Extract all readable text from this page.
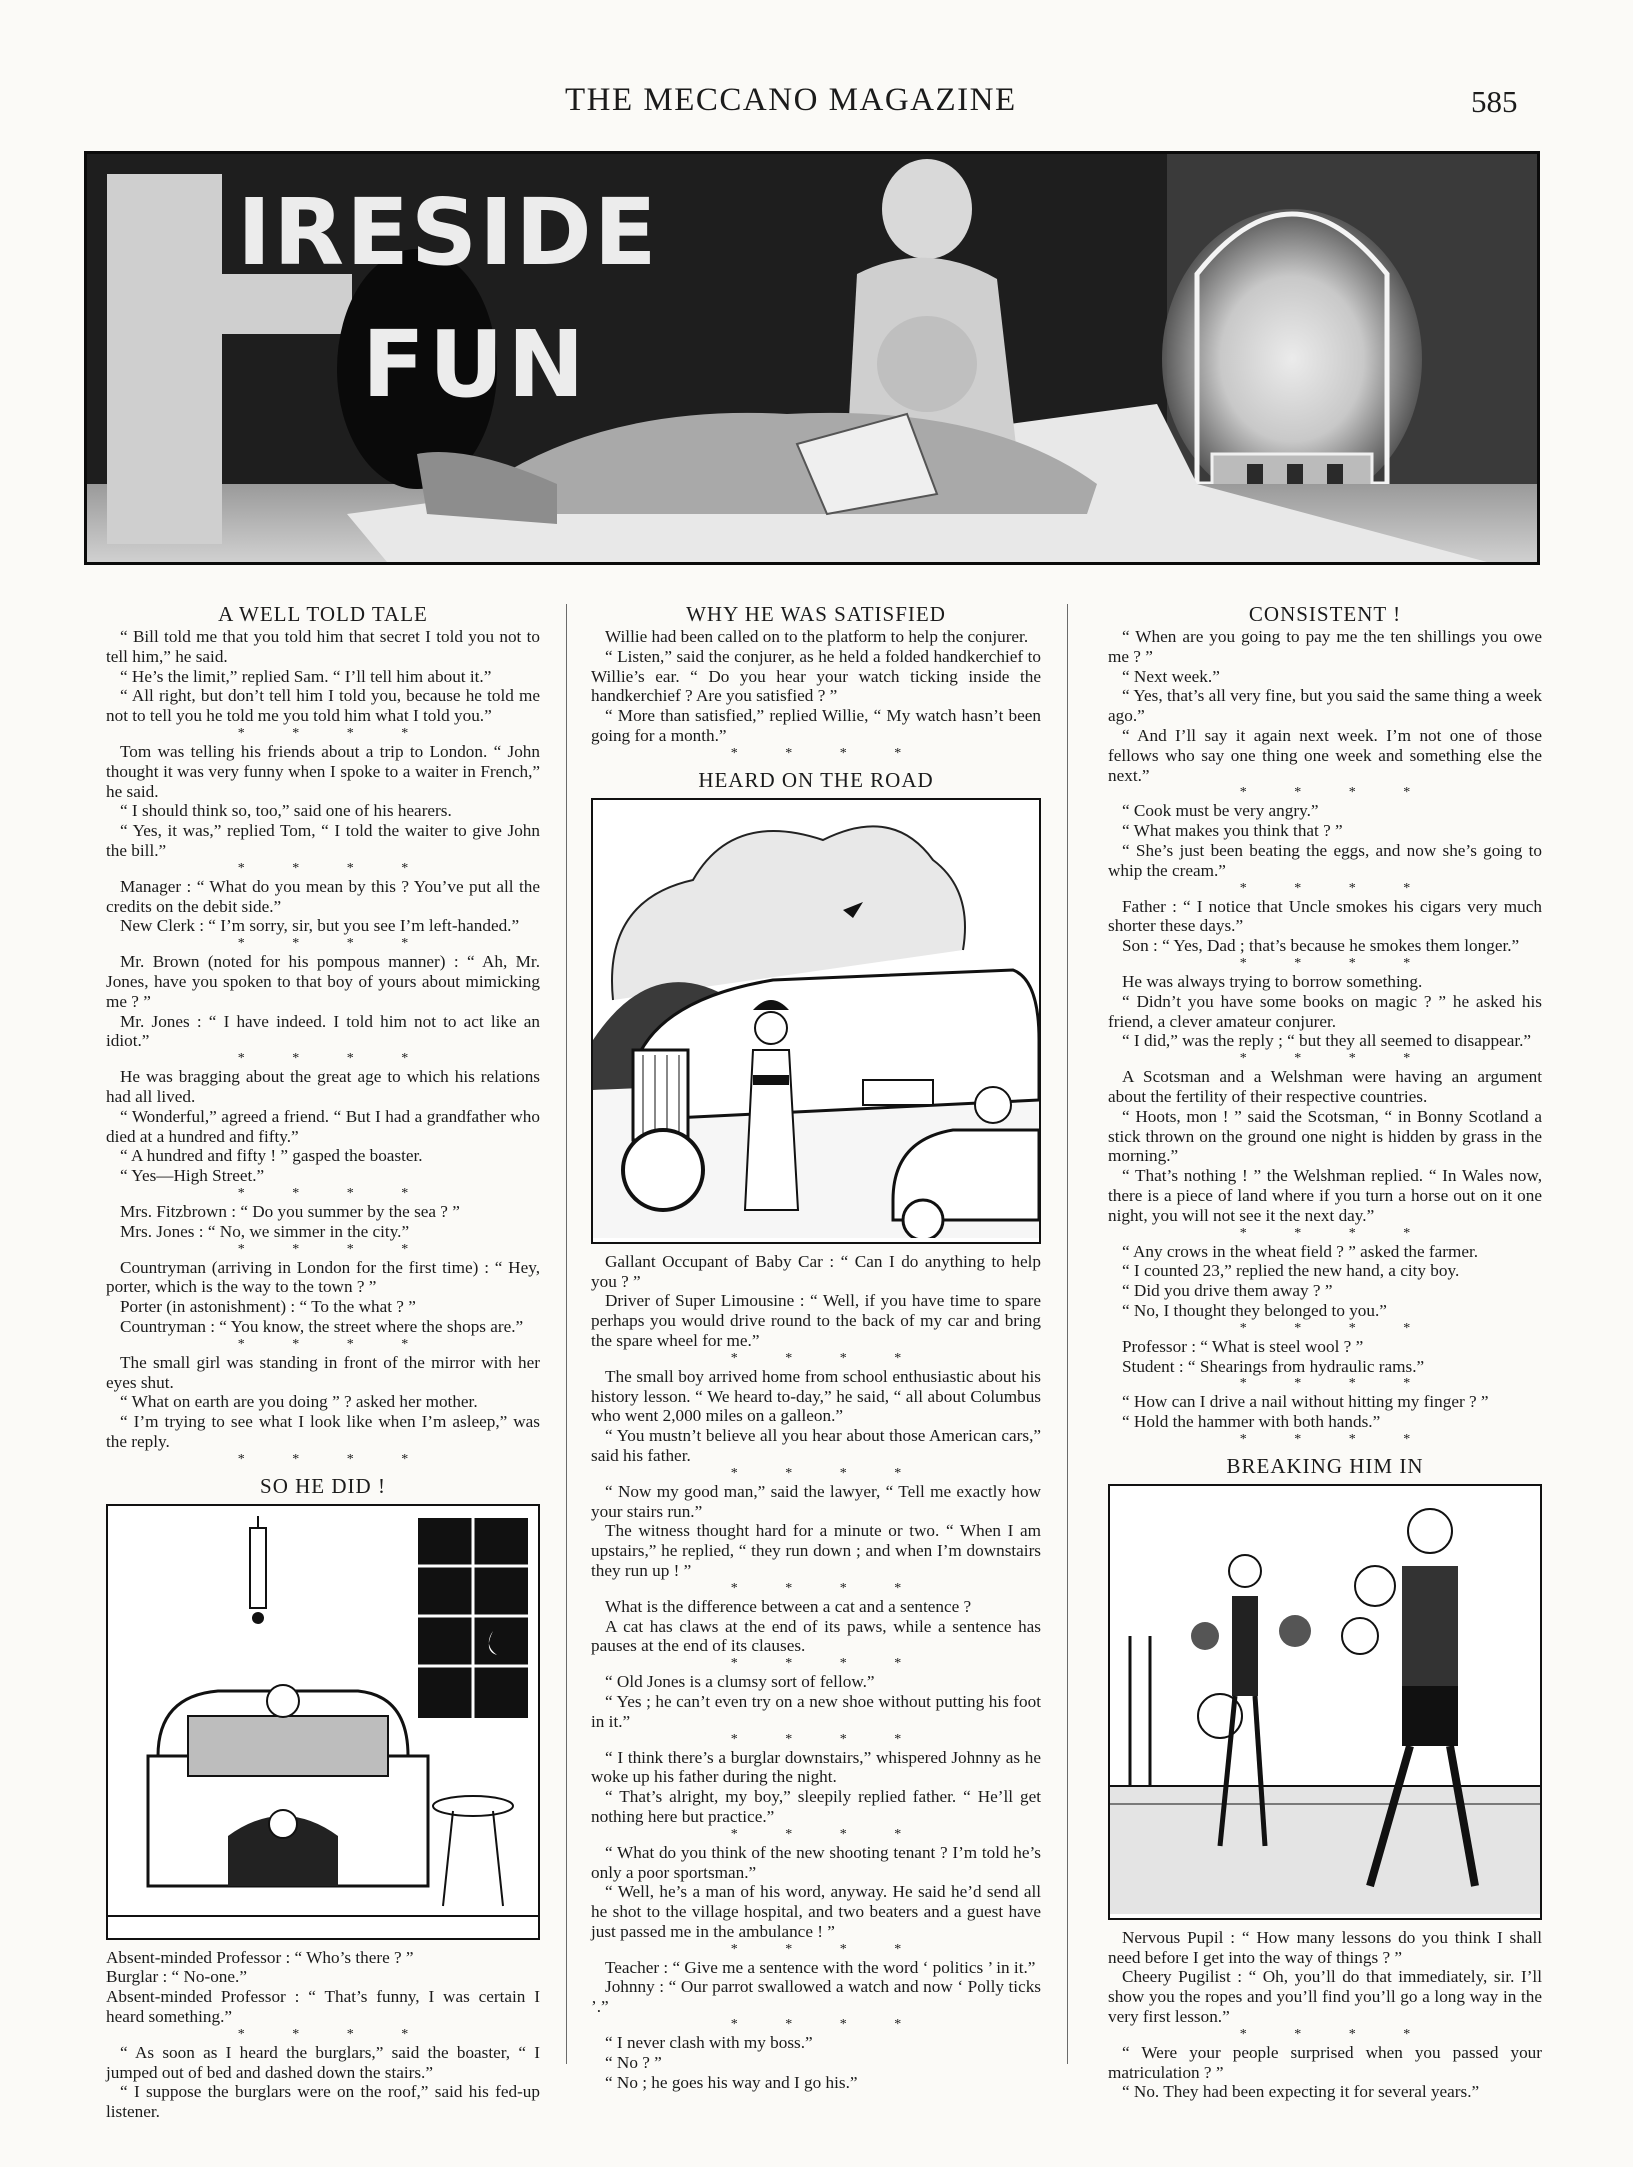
THE MECCANO MAGAZINE	585
IRESIDE
FUN
A WELL TOLD TALE

“ Bill told me that you told him that secret I told you not to tell him,” he said.

“ He’s the limit,” replied Sam. “ I’ll tell him about it.”

“ All right, but don’t tell him I told you, because he told me not to tell you he told me you told him what I told you.”

* * * *

Tom was telling his friends about a trip to London. “ John thought it was very funny when I spoke to a waiter in French,” he said.

“ I should think so, too,” said one of his hearers.

“ Yes, it was,” replied Tom, “ I told the waiter to give John the bill.”

* * * *

Manager : “ What do you mean by this ? You’ve put all the credits on the debit side.”

New Clerk : “ I’m sorry, sir, but you see I’m left-handed.”

* * * *

Mr. Brown (noted for his pompous manner) : “ Ah, Mr. Jones, have you spoken to that boy of yours about mimicking me ? ”

Mr. Jones : “ I have indeed. I told him not to act like an idiot.”

* * * *

He was bragging about the great age to which his relations had all lived.

“ Wonderful,” agreed a friend. “ But I had a grandfather who died at a hundred and fifty.”

“ A hundred and fifty ! ” gasped the boaster.

“ Yes—High Street.”

* * * *

Mrs. Fitzbrown : “ Do you summer by the sea ? ”

Mrs. Jones : “ No, we simmer in the city.”

* * * *

Countryman (arriving in London for the first time) : “ Hey, porter, which is the way to the town ? ”

Porter (in astonishment) : “ To the what ? ”

Countryman : “ You know, the street where the shops are.”

* * * *

The small girl was standing in front of the mirror with her eyes shut.

“ What on earth are you doing ” ? asked her mother.

“ I’m trying to see what I look like when I’m asleep,” was the reply.

* * * *
SO HE DID !

Absent-minded Professor : “ Who’s there ? ”

Burglar : “ No-one.”

Absent-minded Professor : “ That’s funny, I was certain I heard something.”

* * * *

“ As soon as I heard the burglars,” said the boaster, “ I jumped out of bed and dashed down the stairs.”

“ I suppose the burglars were on the roof,” said his fed-up listener.

WHY HE WAS SATISFIED

Willie had been called on to the platform to help the conjurer.

“ Listen,” said the conjurer, as he held a folded handkerchief to Willie’s ear. “ Do you hear your watch ticking inside the handkerchief ? Are you satisfied ? ”

“ More than satisfied,” replied Willie, “ My watch hasn’t been going for a month.”

* * * *
HEARD ON THE ROAD

Gallant Occupant of Baby Car : “ Can I do anything to help you ? ”

Driver of Super Limousine : “ Well, if you have time to spare perhaps you would drive round to the back of my car and bring the spare wheel for me.”

* * * *

The small boy arrived home from school enthusiastic about his history lesson. “ We heard to-day,” he said, “ all about Columbus who went 2,000 miles on a galleon.”

“ You mustn’t believe all you hear about those American cars,” said his father.

* * * *

“ Now my good man,” said the lawyer, “ Tell me exactly how your stairs run.”

The witness thought hard for a minute or two. “ When I am upstairs,” he replied, “ they run down ; and when I’m downstairs they run up ! ”

* * * *

What is the difference between a cat and a sentence ?

A cat has claws at the end of its paws, while a sentence has pauses at the end of its clauses.

* * * *

“ Old Jones is a clumsy sort of fellow.”

“ Yes ; he can’t even try on a new shoe without putting his foot in it.”

* * * *

“ I think there’s a burglar downstairs,” whispered Johnny as he woke up his father during the night.

“ That’s alright, my boy,” sleepily replied father. “ He’ll get nothing here but practice.”

* * * *

“ What do you think of the new shooting tenant ? I’m told he’s only a poor sportsman.”

“ Well, he’s a man of his word, anyway. He said he’d send all he shot to the village hospital, and two beaters and a guest have just passed me in the ambulance ! ”

* * * *

Teacher : “ Give me a sentence with the word ‘ politics ’ in it.”

Johnny : “ Our parrot swallowed a watch and now ‘ Polly ticks ’.”

* * * *

“ I never clash with my boss.”

“ No ? ”

“ No ; he goes his way and I go his.”

CONSISTENT !

“ When are you going to pay me the ten shillings you owe me ? ”

“ Next week.”

“ Yes, that’s all very fine, but you said the same thing a week ago.”

“ And I’ll say it again next week. I’m not one of those fellows who say one thing one week and something else the next.”

* * * *

“ Cook must be very angry.”

“ What makes you think that ? ”

“ She’s just been beating the eggs, and now she’s going to whip the cream.”

* * * *

Father : “ I notice that Uncle smokes his cigars very much shorter these days.”

Son : “ Yes, Dad ; that’s because he smokes them longer.”

* * * *

He was always trying to borrow something.

“ Didn’t you have some books on magic ? ” he asked his friend, a clever amateur conjurer.

“ I did,” was the reply ; “ but they all seemed to disappear.”

* * * *

A Scotsman and a Welshman were having an argument about the fertility of their respective countries.

“ Hoots, mon ! ” said the Scotsman, “ in Bonny Scotland a stick thrown on the ground one night is hidden by grass in the morning.”

“ That’s nothing ! ” the Welshman replied. “ In Wales now, there is a piece of land where if you turn a horse out on it one night, you will not see it the next day.”

* * * *

“ Any crows in the wheat field ? ” asked the farmer.

“ I counted 23,” replied the new hand, a city boy.

“ Did you drive them away ? ”

“ No, I thought they belonged to you.”

* * * *

Professor : “ What is steel wool ? ”

Student : “ Shearings from hydraulic rams.”

* * * *

“ How can I drive a nail without hitting my finger ? ”

“ Hold the hammer with both hands.”

* * * *
BREAKING HIM IN

Nervous Pupil : “ How many lessons do you think I shall need before I get into the way of things ? ”

Cheery Pugilist : “ Oh, you’ll do that immediately, sir. I’ll show you the ropes and you’ll find you’ll go a long way in the very first lesson.”

* * * *

“ Were your people surprised when you passed your matriculation ? ”

“ No. They had been expecting it for several years.”
